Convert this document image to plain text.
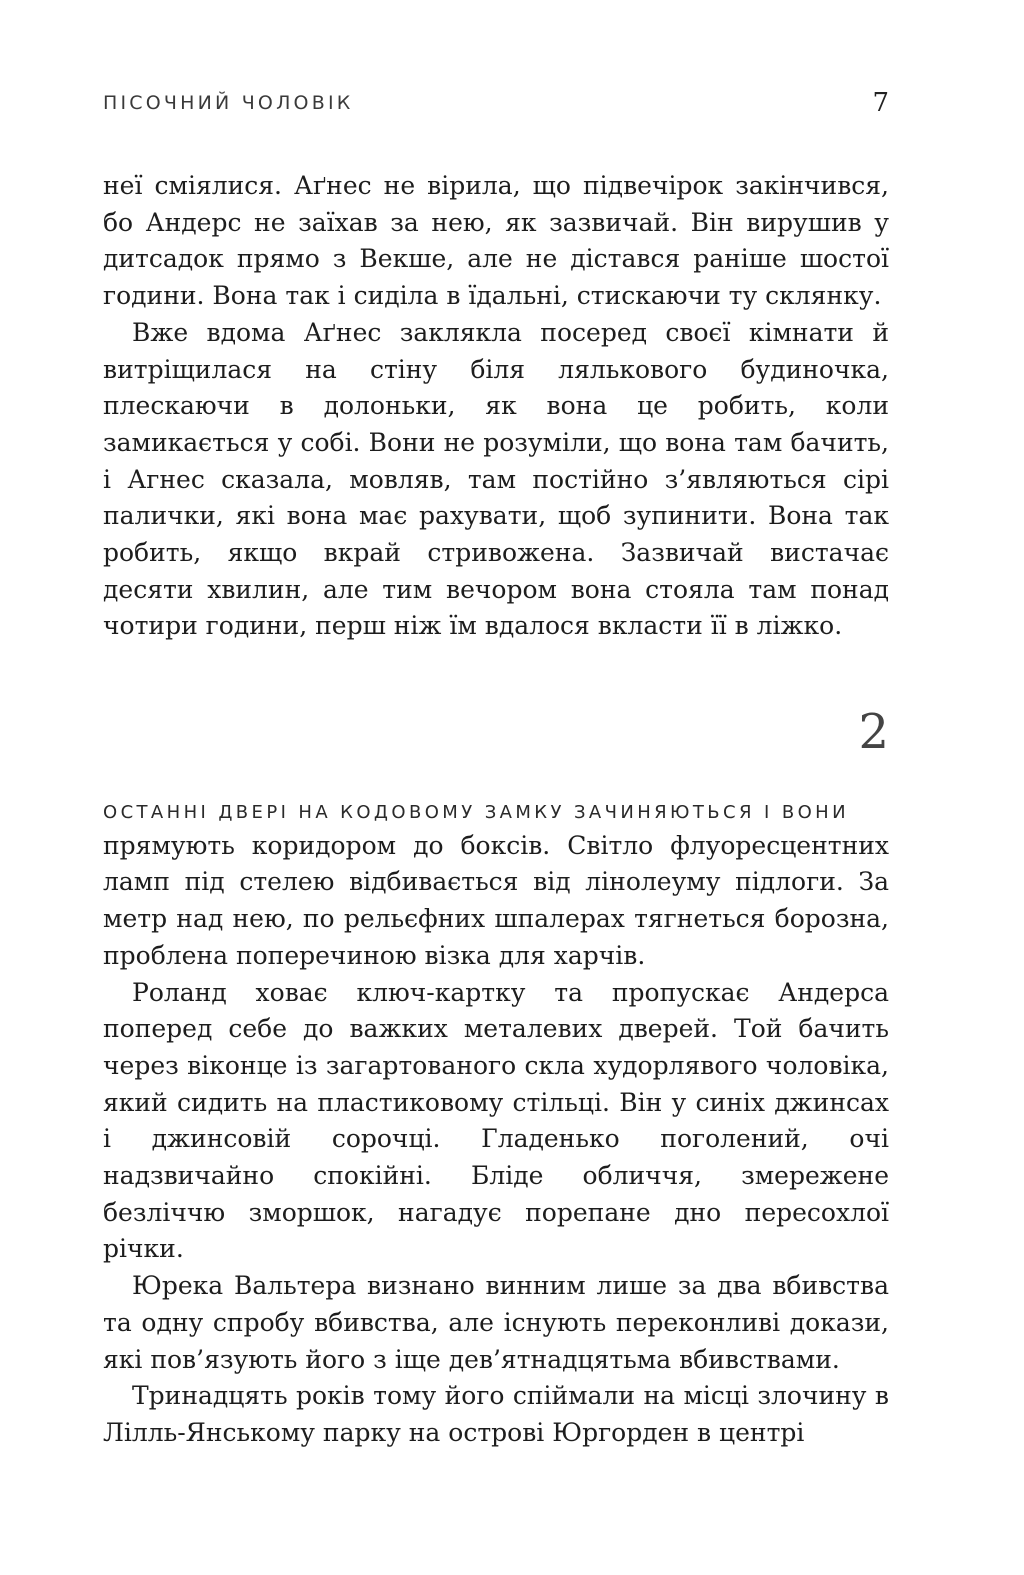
ПІСОЧНИЙ ЧОЛОВІК	7

неї сміялися. Аґнес не вірила, що підвечірок закінчився, бо Андерс не заїхав за нею, як зазвичай. Він вирушив у дитсадок прямо з Векше, але не дістався раніше шостої години. Вона так і сиділа в їдальні, стискаючи ту склянку.

Вже вдома Аґнес заклякла посеред своєї кімнати й витріщилася на стіну біля лялькового будиночка, плескаючи в долоньки, як вона це робить, коли замикається у собі. Вони не розуміли, що вона там бачить, і Агнес сказала, мовляв, там постійно з’являються сірі палички, які вона має рахувати, щоб зупинити. Вона так робить, якщо вкрай стривожена. Зазвичай вистачає десяти хвилин, але тим вечором вона стояла там понад чотири години, перш ніж їм вдалося вкласти її в ліжко.

2
ОСТАННІ ДВЕРІ НА КОДОВОМУ ЗАМКУ ЗАЧИНЯЮТЬСЯ І ВОНИ

прямують коридором до боксів. Світло флуоресцентних ламп під стелею відбивається від лінолеуму підлоги. За метр над нею, по рельєфних шпалерах тягнеться борозна, проблена поперечиною візка для харчів.

Роланд ховає ключ-картку та пропускає Андерса поперед себе до важких металевих дверей. Той бачить через віконце із загартованого скла худорлявого чоловіка, який сидить на пластиковому стільці. Він у синіх джинсах і джинсовій сорочці. Гладенько поголений, очі надзвичайно спокійні. Бліде обличчя, змережене безліччю зморшок, нагадує порепане дно пересохлої річки.

Юрека Вальтера визнано винним лише за два вбивства та одну спробу вбивства, але існують переконливі докази, які пов’язують його з іще дев’ятнадцятьма вбивствами.

Тринадцять років тому його спіймали на місці злочину в Лілль-Янському парку на острові Юргорден в центрі
